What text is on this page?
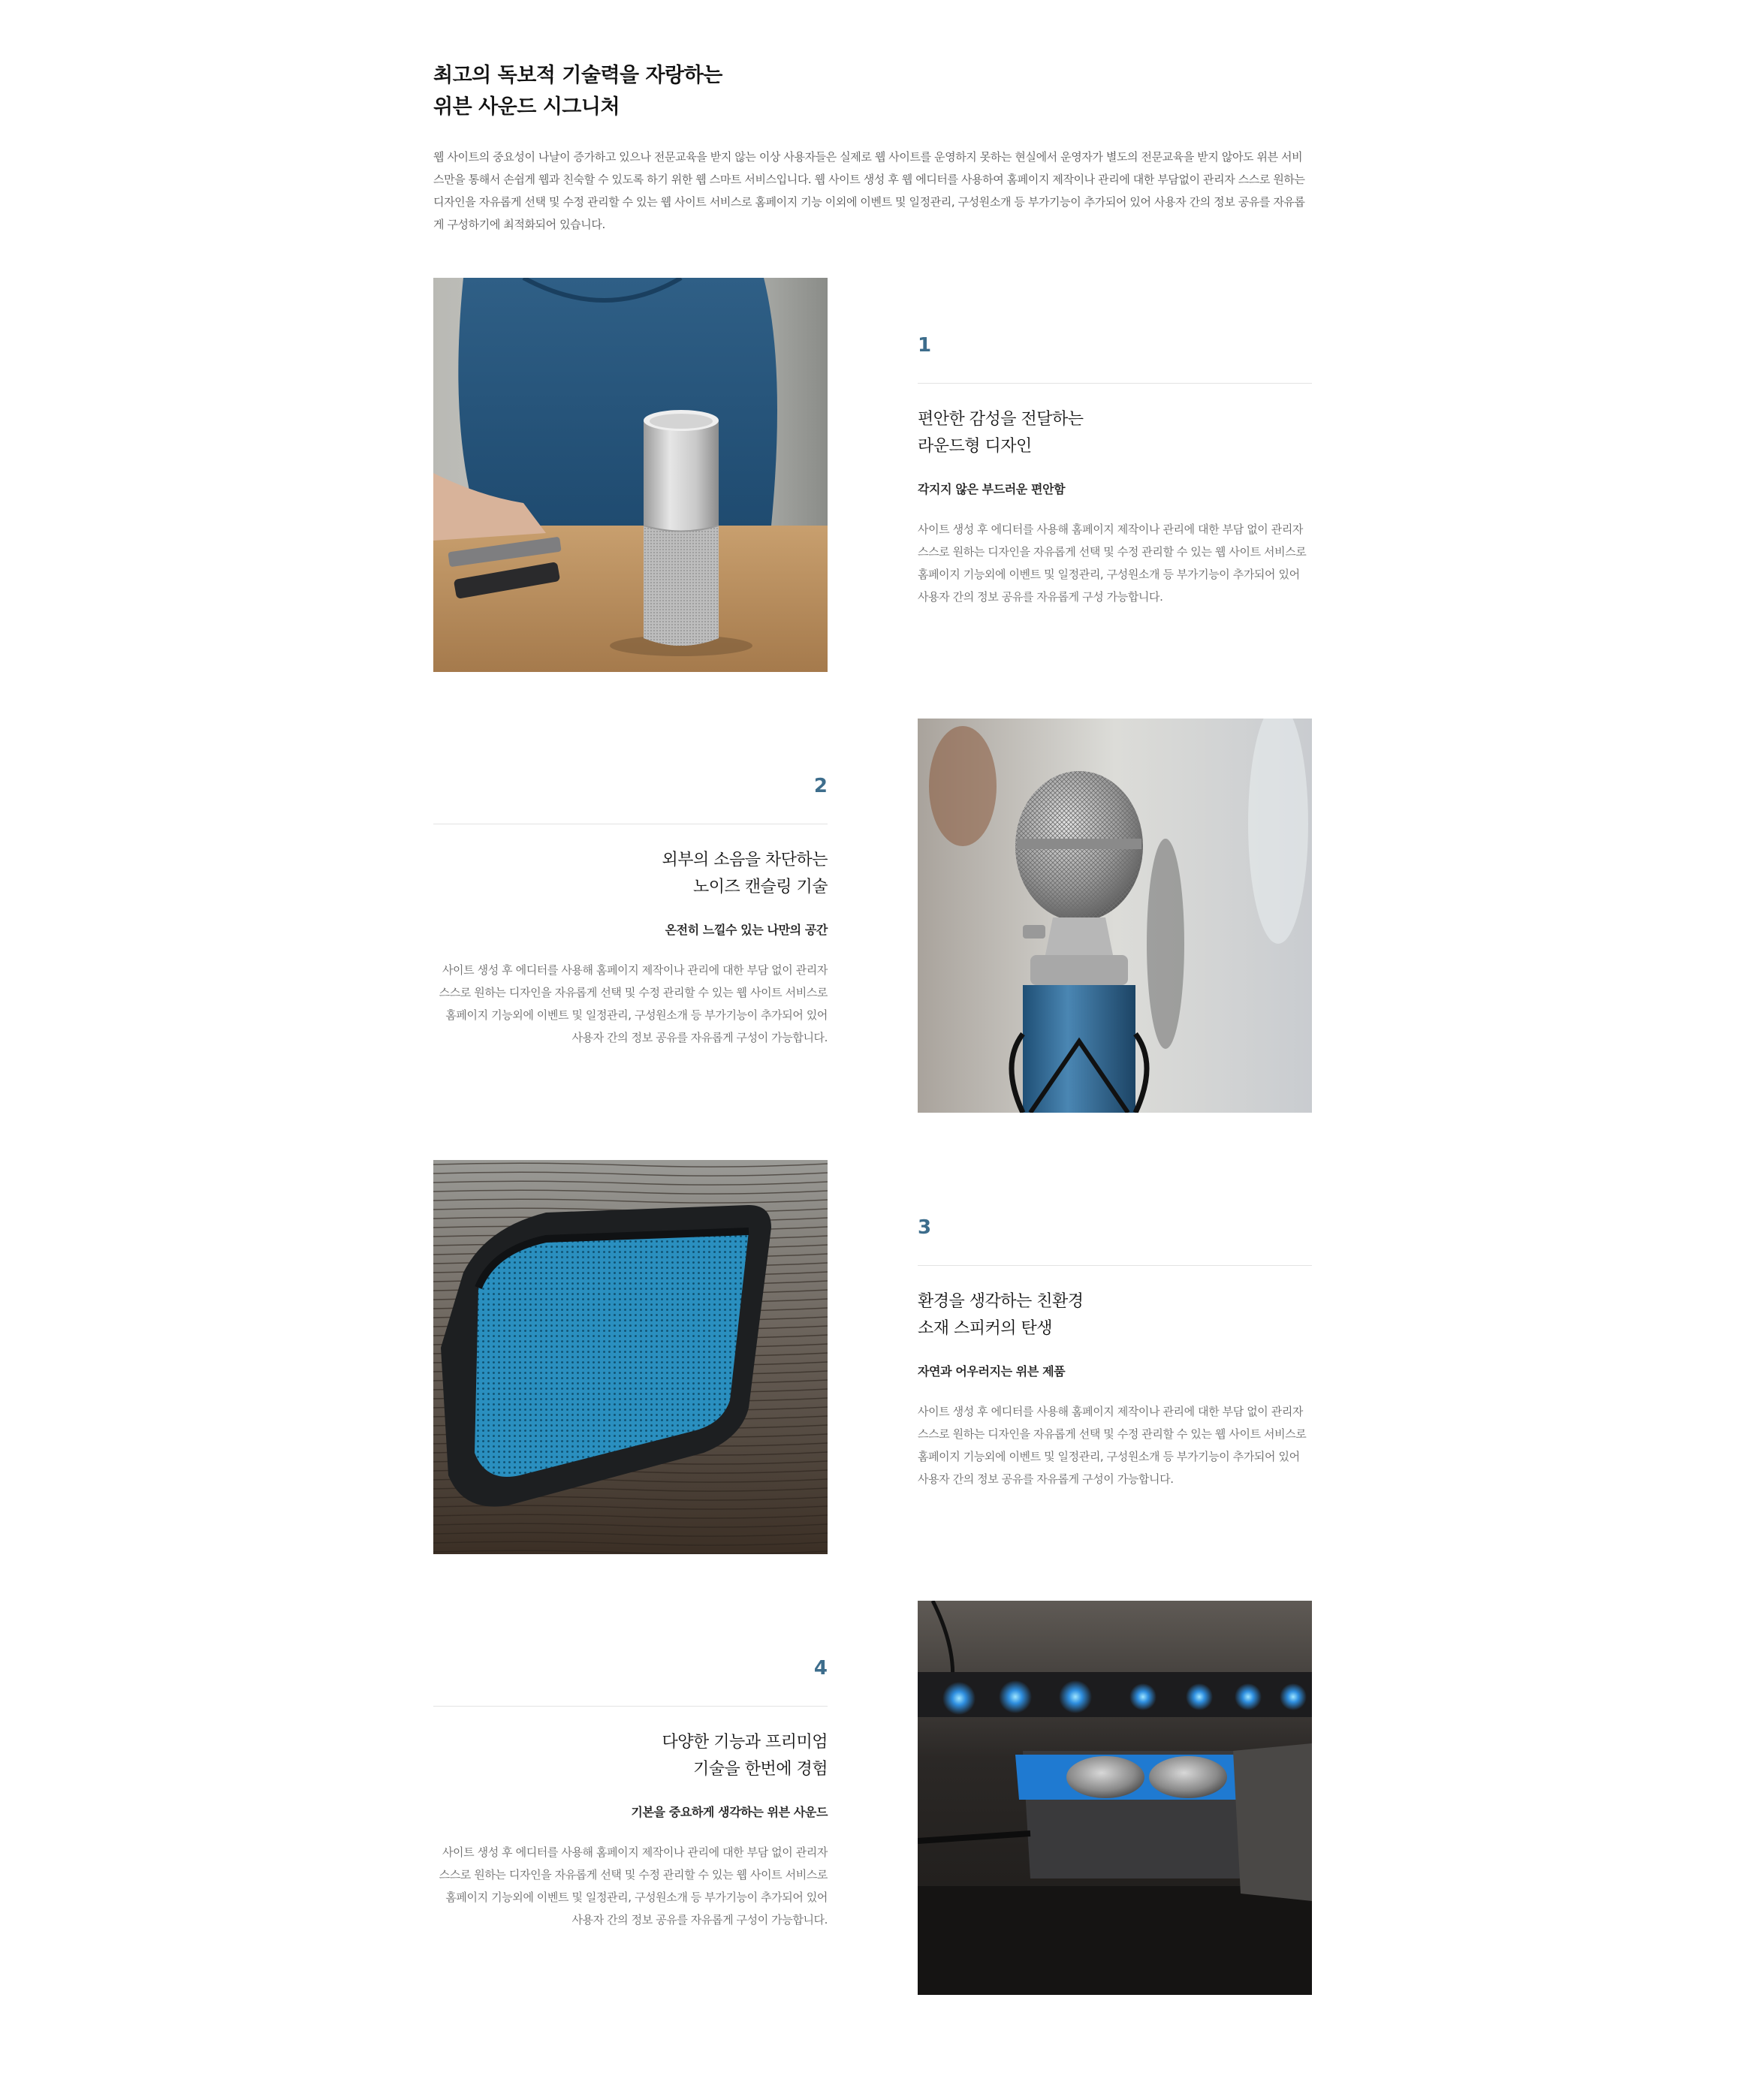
최고의 독보적 기술력을 자랑하는
위븐 사운드 시그니처

웹 사이트의 중요성이 나날이 증가하고 있으나 전문교육을 받지 않는 이상 사용자들은 실제로 웹 사이트를 운영하지 못하는 현실에서 운영자가 별도의 전문교육을 받지 않아도 위븐 서비스만을 통해서 손쉽게 웹과 친숙할 수 있도록 하기 위한 웹 스마트 서비스입니다. 웹 사이트 생성 후 웹 에디터를 사용하여 홈페이지 제작이나 관리에 대한 부담없이 관리자 스스로 원하는 디자인을 자유롭게 선택 및 수정 관리할 수 있는 웹 사이트 서비스로 홈페이지 기능 이외에 이벤트 및 일정관리, 구성원소개 등 부가기능이 추가되어 있어 사용자 간의 정보 공유를 자유롭게 구성하기에 최적화되어 있습니다.

1
편안한 감성을 전달하는
라운드형 디자인
각지지 않은 부드러운 편안함

사이트 생성 후 에디터를 사용해 홈페이지 제작이나 관리에 대한 부담 없이 관리자 스스로 원하는 디자인을 자유롭게 선택 및 수정 관리할 수 있는 웹 사이트 서비스로 홈페이지 기능외에 이벤트 및 일정관리, 구성원소개 등 부가기능이 추가되어 있어 사용자 간의 정보 공유를 자유롭게 구성 가능합니다.

2
외부의 소음을 차단하는
노이즈 캔슬링 기술
온전히 느낄수 있는 나만의 공간

사이트 생성 후 에디터를 사용해 홈페이지 제작이나 관리에 대한 부담 없이 관리자 스스로 원하는 디자인을 자유롭게 선택 및 수정 관리할 수 있는 웹 사이트 서비스로 홈페이지 기능외에 이벤트 및 일정관리, 구성원소개 등 부가기능이 추가되어 있어 사용자 간의 정보 공유를 자유롭게 구성이 가능합니다.

3
환경을 생각하는 친환경
소재 스피커의 탄생
자연과 어우러지는 위븐 제품

사이트 생성 후 에디터를 사용해 홈페이지 제작이나 관리에 대한 부담 없이 관리자 스스로 원하는 디자인을 자유롭게 선택 및 수정 관리할 수 있는 웹 사이트 서비스로 홈페이지 기능외에 이벤트 및 일정관리, 구성원소개 등 부가기능이 추가되어 있어 사용자 간의 정보 공유를 자유롭게 구성이 가능합니다.

4
다양한 기능과 프리미엄
기술을 한번에 경험
기본을 중요하게 생각하는 위븐 사운드

사이트 생성 후 에디터를 사용해 홈페이지 제작이나 관리에 대한 부담 없이 관리자 스스로 원하는 디자인을 자유롭게 선택 및 수정 관리할 수 있는 웹 사이트 서비스로 홈페이지 기능외에 이벤트 및 일정관리, 구성원소개 등 부가기능이 추가되어 있어 사용자 간의 정보 공유를 자유롭게 구성이 가능합니다.
